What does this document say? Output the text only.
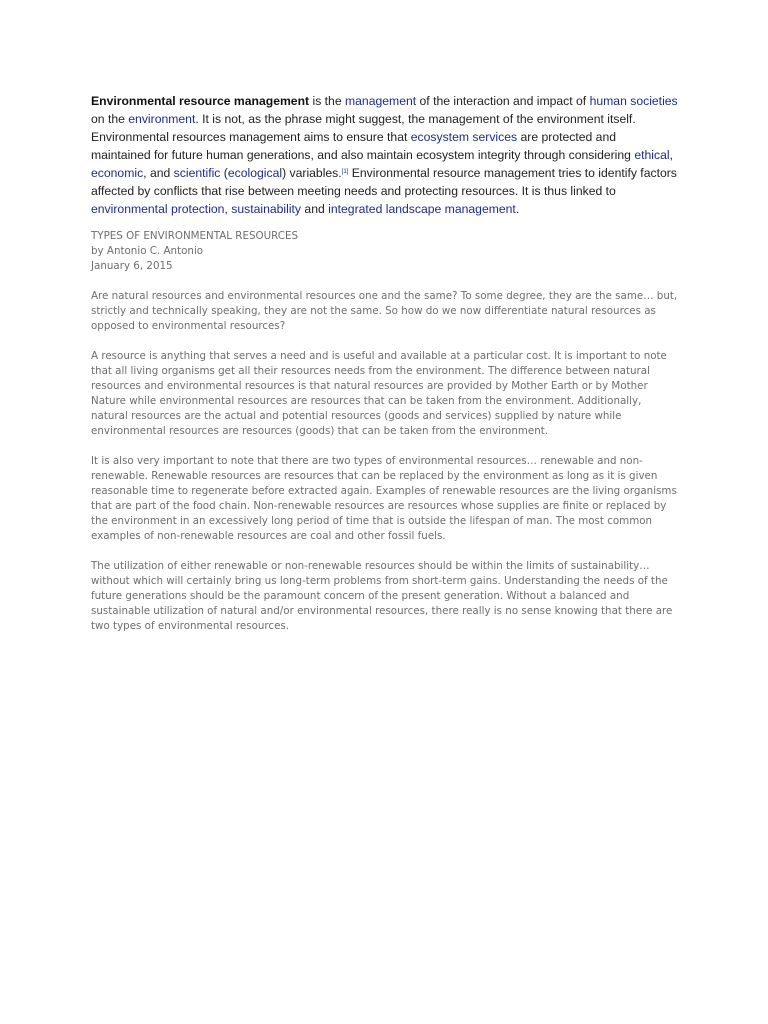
Environmental resource management is the management of the interaction and impact of human societies on the environment. It is not, as the phrase might suggest, the management of the environment itself. Environmental resources management aims to ensure that ecosystem services are protected and maintained for future human generations, and also maintain ecosystem integrity through considering ethical, economic, and scientific (ecological) variables.[1] Environmental resource management tries to identify factors affected by conflicts that rise between meeting needs and protecting resources. It is thus linked to environmental protection, sustainability and integrated landscape management.

TYPES OF ENVIRONMENTAL RESOURCES
by Antonio C. Antonio
January 6, 2015

Are natural resources and environmental resources one and the same? To some degree, they are the same… but, strictly and technically speaking, they are not the same. So how do we now differentiate natural resources as opposed to environmental resources?

A resource is anything that serves a need and is useful and available at a particular cost. It is important to note that all living organisms get all their resources needs from the environment. The difference between natural resources and environmental resources is that natural resources are provided by Mother Earth or by Mother Nature while environmental resources are resources that can be taken from the environment. Additionally, natural resources are the actual and potential resources (goods and services) supplied by nature while environmental resources are resources (goods) that can be taken from the environment.

It is also very important to note that there are two types of environmental resources… renewable and non-renewable. Renewable resources are resources that can be replaced by the environment as long as it is given reasonable time to regenerate before extracted again. Examples of renewable resources are the living organisms that are part of the food chain. Non-renewable resources are resources whose supplies are finite or replaced by the environment in an excessively long period of time that is outside the lifespan of man. The most common examples of non-renewable resources are coal and other fossil fuels.

The utilization of either renewable or non-renewable resources should be within the limits of sustainability… without which will certainly bring us long-term problems from short-term gains. Understanding the needs of the future generations should be the paramount concern of the present generation. Without a balanced and sustainable utilization of natural and/or environmental resources, there really is no sense knowing that there are two types of environmental resources.
